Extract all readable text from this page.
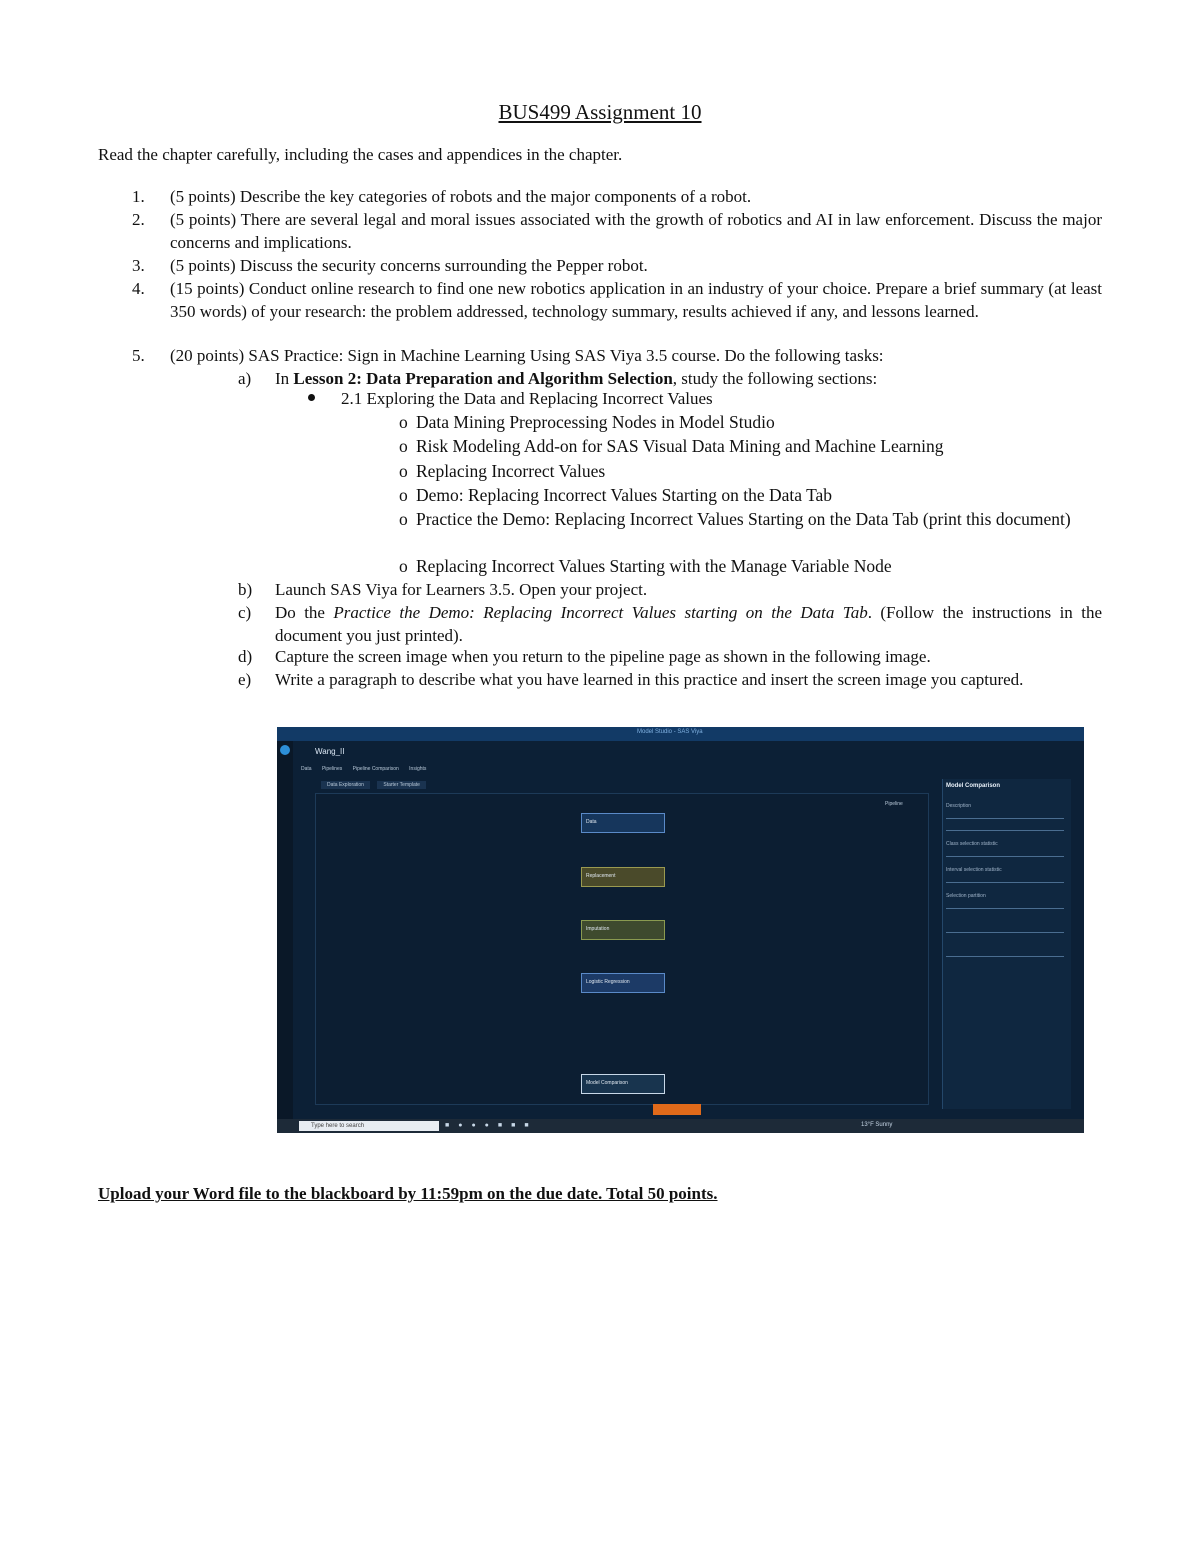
BUS499 Assignment 10
Read the chapter carefully, including the cases and appendices in the chapter.
1.	(5 points) Describe the key categories of robots and the major components of a robot.
2.	(5 points) There are several legal and moral issues associated with the growth of robotics and AI in law enforcement. Discuss the major concerns and implications.
3.	(5 points) Discuss the security concerns surrounding the Pepper robot.
4.	(15 points) Conduct online research to find one new robotics application in an industry of your choice. Prepare a brief summary (at least 350 words) of your research: the problem addressed, technology summary, results achieved if any, and lessons learned.
5.	(20 points) SAS Practice: Sign in Machine Learning Using SAS Viya 3.5 course. Do the following tasks:
a) In Lesson 2: Data Preparation and Algorithm Selection, study the following sections:
2.1 Exploring the Data and Replacing Incorrect Values
o Data Mining Preprocessing Nodes in Model Studio
o Risk Modeling Add-on for SAS Visual Data Mining and Machine Learning
o Replacing Incorrect Values
o Demo: Replacing Incorrect Values Starting on the Data Tab
o Practice the Demo: Replacing Incorrect Values Starting on the Data Tab (print this document)
o Replacing Incorrect Values Starting with the Manage Variable Node
b) Launch SAS Viya for Learners 3.5. Open your project.
c) Do the Practice the Demo: Replacing Incorrect Values starting on the Data Tab. (Follow the instructions in the document you just printed).
d) Capture the screen image when you return to the pipeline page as shown in the following image.
e) Write a paragraph to describe what you have learned in this practice and insert the screen image you captured.
Model Studio - SAS Viya
Wang_II
Data Pipelines Pipeline Comparison Insights
Data Exploration	Starter Template
Pipeline
Data
Replacement
Imputation
Logistic Regression
Model Comparison
Model Comparison
Description
Class selection statistic
Interval selection statistic
Selection partition
Type here to search	■●●●■■■	13°F Sunny
Upload your Word file to the blackboard by 11:59pm on the due date. Total 50 points.
